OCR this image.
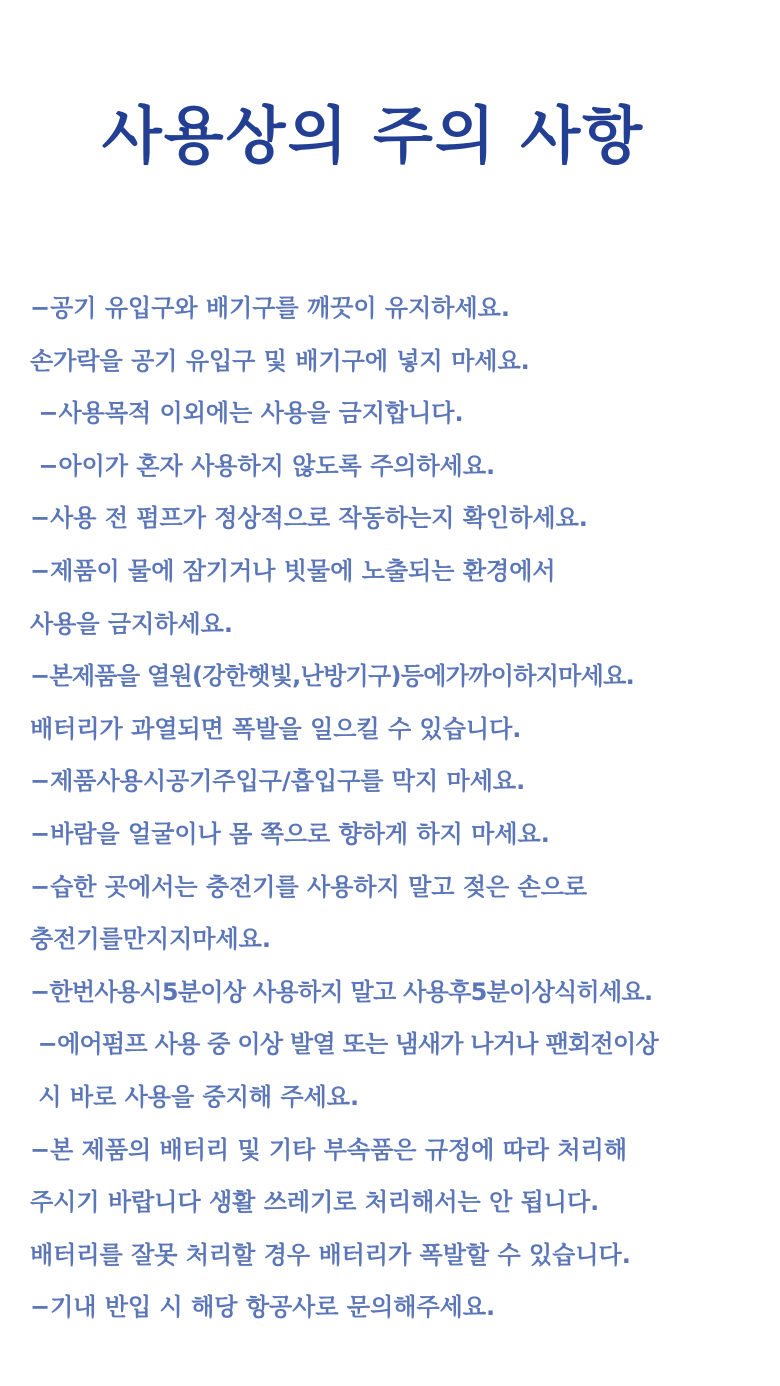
사용상의 주의 사항
−공기 유입구와 배기구를 깨끗이 유지하세요.
손가락을 공기 유입구 및 배기구에 넣지 마세요.
−사용목적 이외에는 사용을 금지합니다.
−아이가 혼자 사용하지 않도록 주의하세요.
−사용 전 펌프가 정상적으로 작동하는지 확인하세요.
−제품이 물에 잠기거나 빗물에 노출되는 환경에서
사용을 금지하세요.
−본제품을 열원(강한햇빛,난방기구)등에가까이하지마세요.
배터리가 과열되면 폭발을 일으킬 수 있습니다.
−제품사용시공기주입구/흡입구를 막지 마세요.
−바람을 얼굴이나 몸 쪽으로 향하게 하지 마세요.
−습한 곳에서는 충전기를 사용하지 말고 젖은 손으로
충전기를만지지마세요.
−한번사용시5분이상 사용하지 말고 사용후5분이상식히세요.
−에어펌프 사용 중 이상 발열 또는 냄새가 나거나 팬회전이상
시 바로 사용을 중지해 주세요.
−본 제품의 배터리 및 기타 부속품은 규정에 따라 처리해
주시기 바랍니다 생활 쓰레기로 처리해서는 안 됩니다.
배터리를 잘못 처리할 경우 배터리가 폭발할 수 있습니다.
−기내 반입 시 해당 항공사로 문의해주세요.
